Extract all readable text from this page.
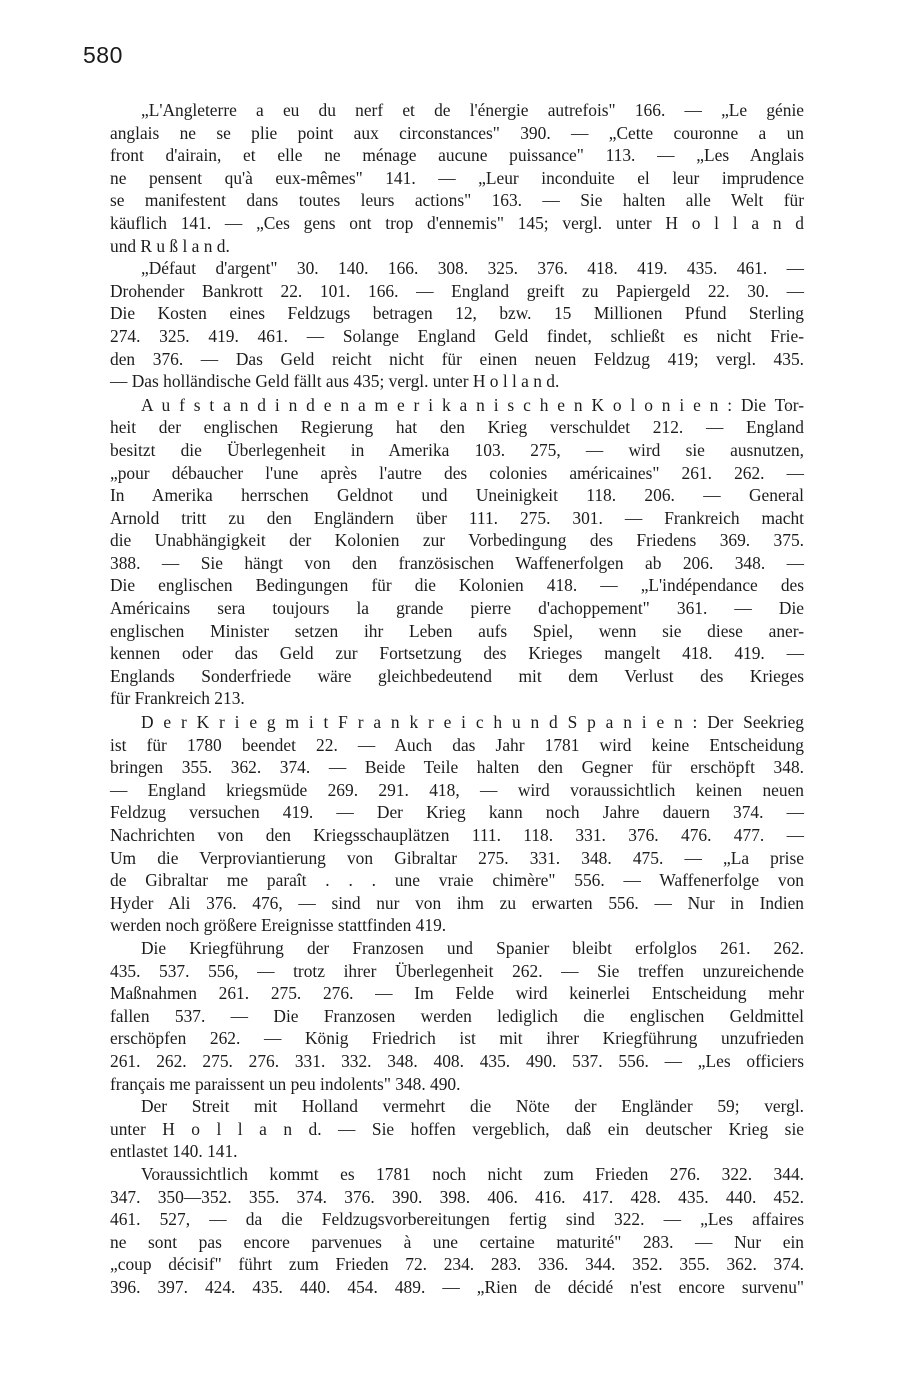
580
„L'Angleterre a eu du nerf et de l'énergie autrefois" 166. — „Le génie
anglais ne se plie point aux circonstances" 390. — „Cette couronne a un
front d'airain, et elle ne ménage aucune puissance" 113. — „Les Anglais
ne pensent qu'à eux-mêmes" 141. — „Leur inconduite el leur imprudence
se manifestent dans toutes leurs actions" 163. — Sie halten alle Welt für
käuflich 141. — „Ces gens ont trop d'ennemis" 145; vergl. unter H o l l a n d
und R u ß l a n d.
„Défaut d'argent" 30. 140. 166. 308. 325. 376. 418. 419. 435. 461. —
Drohender Bankrott 22. 101. 166. — England greift zu Papiergeld 22. 30. —
Die Kosten eines Feldzugs betragen 12, bzw. 15 Millionen Pfund Sterling
274. 325. 419. 461. — Solange England Geld findet, schließt es nicht Frie-
den 376. — Das Geld reicht nicht für einen neuen Feldzug 419; vergl. 435.
— Das holländische Geld fällt aus 435; vergl. unter H o l l a n d.
A u f s t a n d i n d e n a m e r i k a n i s c h e n K o l o n i e n : Die Tor-
heit der englischen Regierung hat den Krieg verschuldet 212. — England
besitzt die Überlegenheit in Amerika 103. 275, — wird sie ausnutzen,
„pour débaucher l'une après l'autre des colonies américaines" 261. 262. —
In Amerika herrschen Geldnot und Uneinigkeit 118. 206. — General
Arnold tritt zu den Engländern über 111. 275. 301. — Frankreich macht
die Unabhängigkeit der Kolonien zur Vorbedingung des Friedens 369. 375.
388. — Sie hängt von den französischen Waffenerfolgen ab 206. 348. —
Die englischen Bedingungen für die Kolonien 418. — „L'indépendance des
Américains sera toujours la grande pierre d'achoppement" 361. — Die
englischen Minister setzen ihr Leben aufs Spiel, wenn sie diese aner-
kennen oder das Geld zur Fortsetzung des Krieges mangelt 418. 419. —
Englands Sonderfriede wäre gleichbedeutend mit dem Verlust des Krieges
für Frankreich 213.
D e r K r i e g m i t F r a n k r e i c h u n d S p a n i e n : Der Seekrieg
ist für 1780 beendet 22. — Auch das Jahr 1781 wird keine Entscheidung
bringen 355. 362. 374. — Beide Teile halten den Gegner für erschöpft 348.
— England kriegsmüde 269. 291. 418, — wird voraussichtlich keinen neuen
Feldzug versuchen 419. — Der Krieg kann noch Jahre dauern 374. —
Nachrichten von den Kriegsschauplätzen 111. 118. 331. 376. 476. 477. —
Um die Verproviantierung von Gibraltar 275. 331. 348. 475. — „La prise
de Gibraltar me paraît . . . une vraie chimère" 556. — Waffenerfolge von
Hyder Ali 376. 476, — sind nur von ihm zu erwarten 556. — Nur in Indien
werden noch größere Ereignisse stattfinden 419.
Die Kriegführung der Franzosen und Spanier bleibt erfolglos 261. 262.
435. 537. 556, — trotz ihrer Überlegenheit 262. — Sie treffen unzureichende
Maßnahmen 261. 275. 276. — Im Felde wird keinerlei Entscheidung mehr
fallen 537. — Die Franzosen werden lediglich die englischen Geldmittel
erschöpfen 262. — König Friedrich ist mit ihrer Kriegführung unzufrieden
261. 262. 275. 276. 331. 332. 348. 408. 435. 490. 537. 556. — „Les officiers
français me paraissent un peu indolents" 348. 490.
Der Streit mit Holland vermehrt die Nöte der Engländer 59; vergl.
unter H o l l a n d. — Sie hoffen vergeblich, daß ein deutscher Krieg sie
entlastet 140. 141.
Voraussichtlich kommt es 1781 noch nicht zum Frieden 276. 322. 344.
347. 350—352. 355. 374. 376. 390. 398. 406. 416. 417. 428. 435. 440. 452.
461. 527, — da die Feldzugsvorbereitungen fertig sind 322. — „Les affaires
ne sont pas encore parvenues à une certaine maturité" 283. — Nur ein
„coup décisif" führt zum Frieden 72. 234. 283. 336. 344. 352. 355. 362. 374.
396. 397. 424. 435. 440. 454. 489. — „Rien de décidé n'est encore survenu"
